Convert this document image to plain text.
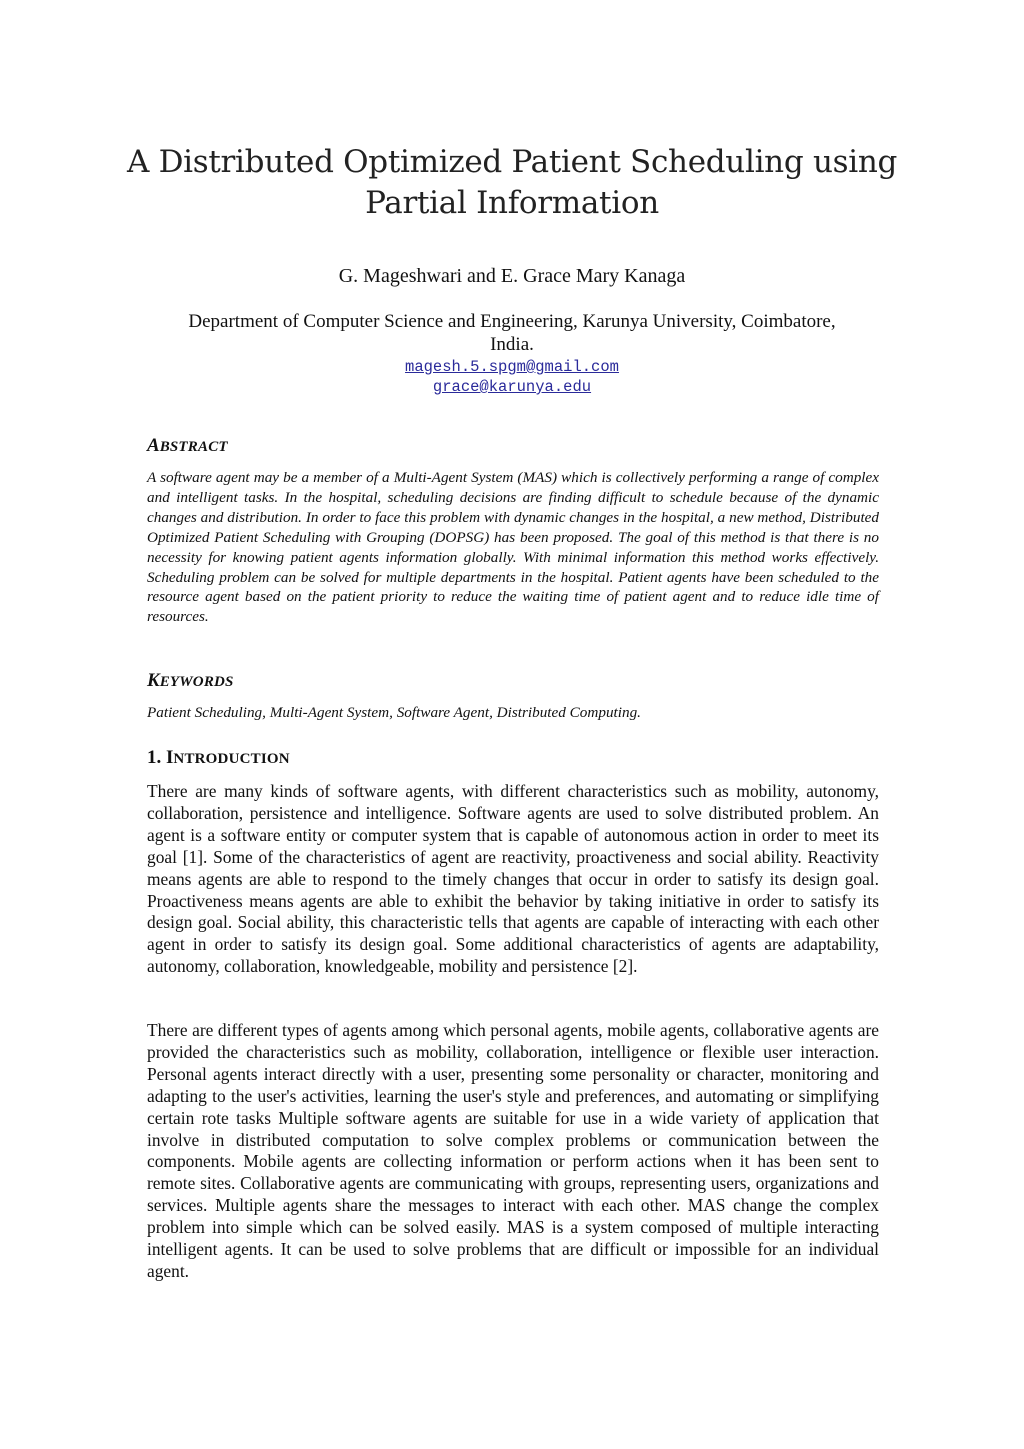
A Distributed Optimized Patient Scheduling using
Partial Information
G. Mageshwari and E. Grace Mary Kanaga
Department of Computer Science and Engineering, Karunya University, Coimbatore,
India.
magesh.5.spgm@gmail.com
grace@karunya.edu
ABSTRACT
A software agent may be a member of a Multi-Agent System (MAS) which is collectively performing a range of complex and intelligent tasks. In the hospital, scheduling decisions are finding difficult to schedule because of the dynamic changes and distribution. In order to face this problem with dynamic changes in the hospital, a new method, Distributed Optimized Patient Scheduling with Grouping (DOPSG) has been proposed. The goal of this method is that there is no necessity for knowing patient agents information globally. With minimal information this method works effectively. Scheduling problem can be solved for multiple departments in the hospital. Patient agents have been scheduled to the resource agent based on the patient priority to reduce the waiting time of patient agent and to reduce idle time of resources.
KEYWORDS
Patient Scheduling, Multi-Agent System, Software Agent, Distributed Computing.
1. INTRODUCTION
There are many kinds of software agents, with different characteristics such as mobility, autonomy, collaboration, persistence and intelligence. Software agents are used to solve distributed problem. An agent is a software entity or computer system that is capable of autonomous action in order to meet its goal [1]. Some of the characteristics of agent are reactivity, proactiveness and social ability. Reactivity means agents are able to respond to the timely changes that occur in order to satisfy its design goal. Proactiveness means agents are able to exhibit the behavior by taking initiative in order to satisfy its design goal. Social ability, this characteristic tells that agents are capable of interacting with each other agent in order to satisfy its design goal. Some additional characteristics of agents are adaptability, autonomy, collaboration, knowledgeable, mobility and persistence [2].
There are different types of agents among which personal agents, mobile agents, collaborative agents are provided the characteristics such as mobility, collaboration, intelligence or flexible user interaction. Personal agents interact directly with a user, presenting some personality or character, monitoring and adapting to the user's activities, learning the user's style and preferences, and automating or simplifying certain rote tasks Multiple software agents are suitable for use in a wide variety of application that involve in distributed computation to solve complex problems or communication between the components. Mobile agents are collecting information or perform actions when it has been sent to remote sites. Collaborative agents are communicating with groups, representing users, organizations and services. Multiple agents share the messages to interact with each other. MAS change the complex problem into simple which can be solved easily. MAS is a system composed of multiple interacting intelligent agents. It can be used to solve problems that are difficult or impossible for an individual agent.
